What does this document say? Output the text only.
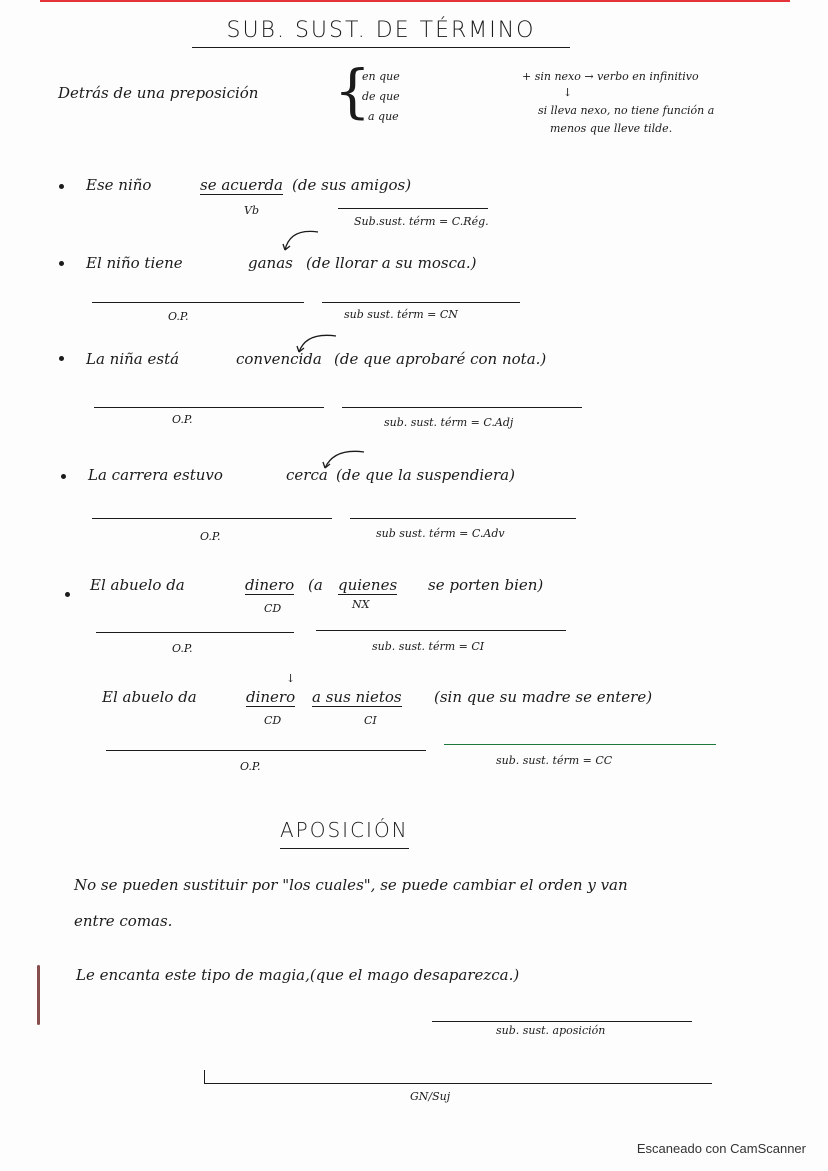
SUB. SUST. DE TÉRMINO
Detrás de una preposición {
en que
de que
a que
+ sin nexo → verbo en infinitivo
↓
si lleva nexo, no tiene función a
menos que lleve tilde.
Ese niño	se acuerda (de sus amigos)
Vb
Sub.sust. térm = C.Rég.
El niño tiene	ganas (de llorar a su mosca.)
O.P.	sub sust. térm = CN
La niña está	convencida (de que aprobaré con nota.)
O.P.	sub. sust. térm = C.Adj
La carrera estuvo	cerca (de que la suspendiera)
O.P.	sub sust. térm = C.Adv
El abuelo da	dinero (a quienes se porten bien)
CD	NX
O.P.	sub. sust. térm = CI
↓
El abuelo da	dinero a sus nietos (sin que su madre se entere)
CD	CI
O.P.	sub. sust. térm = CC
APOSICIÓN
No se pueden sustituir por "los cuales", se puede cambiar el orden y van
entre comas.
Le encanta este tipo de magia,(que el mago desaparezca.)
sub. sust. aposición
GN/Suj
Escaneado con CamScanner
